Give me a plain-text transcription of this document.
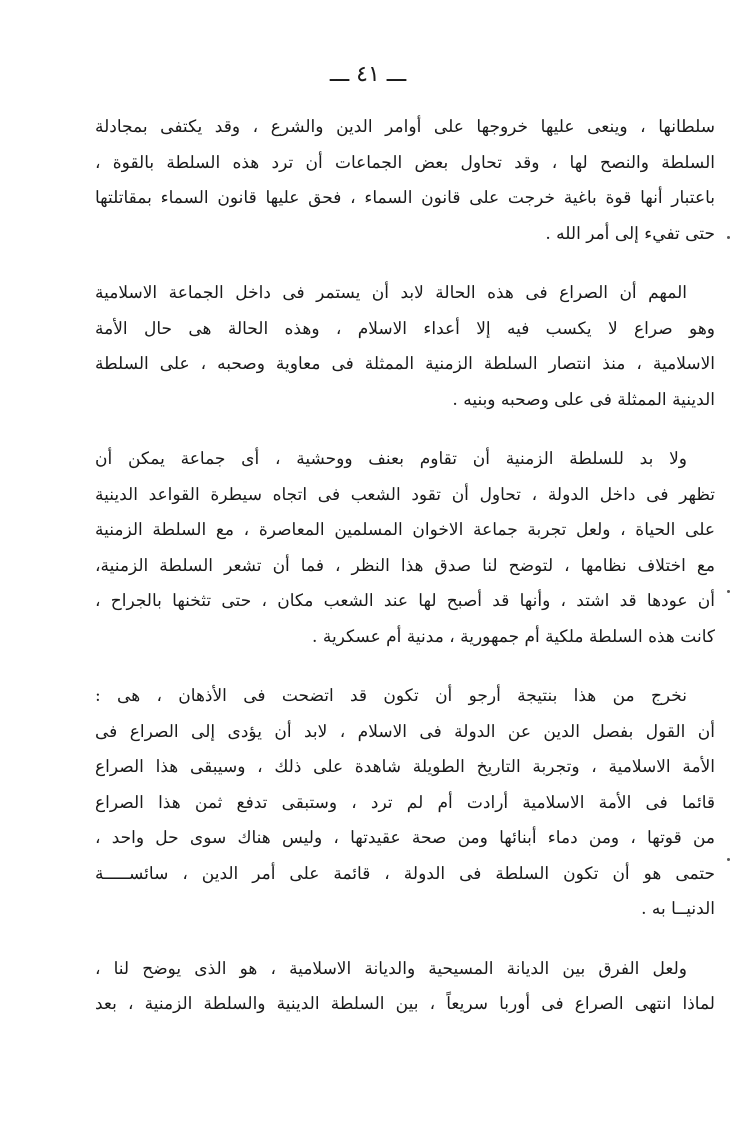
ـــ ٤١ ـــ

سلطانها ، وينعى عليها خروجها على أوامر الدين والشرع ، وقد يكتفى بمجادلة
السلطة والنصح لها ، وقد تحاول بعض الجماعات أن ترد هذه السلطة بالقوة ،
باعتبار أنها قوة باغية خرجت على قانون السماء ، فحق عليها قانون السماء بمقاتلتها
حتى تفيء إلى أمر الله .

المهم أن الصراع فى هذه الحالة لابد أن يستمر فى داخل الجماعة الاسلامية
وهو صراع لا يكسب فيه إلا أعداء الاسلام ، وهذه الحالة هى حال الأمة
الاسلامية ، منذ انتصار السلطة الزمنية الممثلة فى معاوية وصحبه ، على السلطة
الدينية الممثلة فى على وصحبه وبنيه .

ولا بد للسلطة الزمنية أن تقاوم بعنف ووحشية ، أى جماعة يمكن أن
تظهر فى داخل الدولة ، تحاول أن تقود الشعب فى اتجاه سيطرة القواعد الدينية
على الحياة ، ولعل تجربة جماعة الاخوان المسلمين المعاصرة ، مع السلطة الزمنية
مع اختلاف نظامها ، لتوضح لنا صدق هذا النظر ، فما أن تشعر السلطة الزمنية،
أن عودها قد اشتد ، وأنها قد أصبح لها عند الشعب مكان ، حتى تثخنها بالجراح ،
كانت هذه السلطة ملكية أم جمهورية ، مدنية أم عسكرية .

نخرج من هذا بنتيجة أرجو أن تكون قد اتضحت فى الأذهان ، هى :
أن القول بفصل الدين عن الدولة فى الاسلام ، لابد أن يؤدى إلى الصراع فى
الأمة الاسلامية ، وتجربة التاريخ الطويلة شاهدة على ذلك ، وسيبقى هذا الصراع
قائما فى الأمة الاسلامية أرادت أم لم ترد ، وستبقى تدفع ثمن هذا الصراع
من قوتها ، ومن دماء أبنائها ومن صحة عقيدتها ، وليس هناك سوى حل واحد ،
حتمى هو أن تكون السلطة فى الدولة ، قائمة على أمر الدين ، سائســـــة
الدنيــا به .

ولعل الفرق بين الديانة المسيحية والديانة الاسلامية ، هو الذى يوضح لنا ،
لماذا انتهى الصراع فى أوربا سريعاً ، بين السلطة الدينية والسلطة الزمنية ، بعد
